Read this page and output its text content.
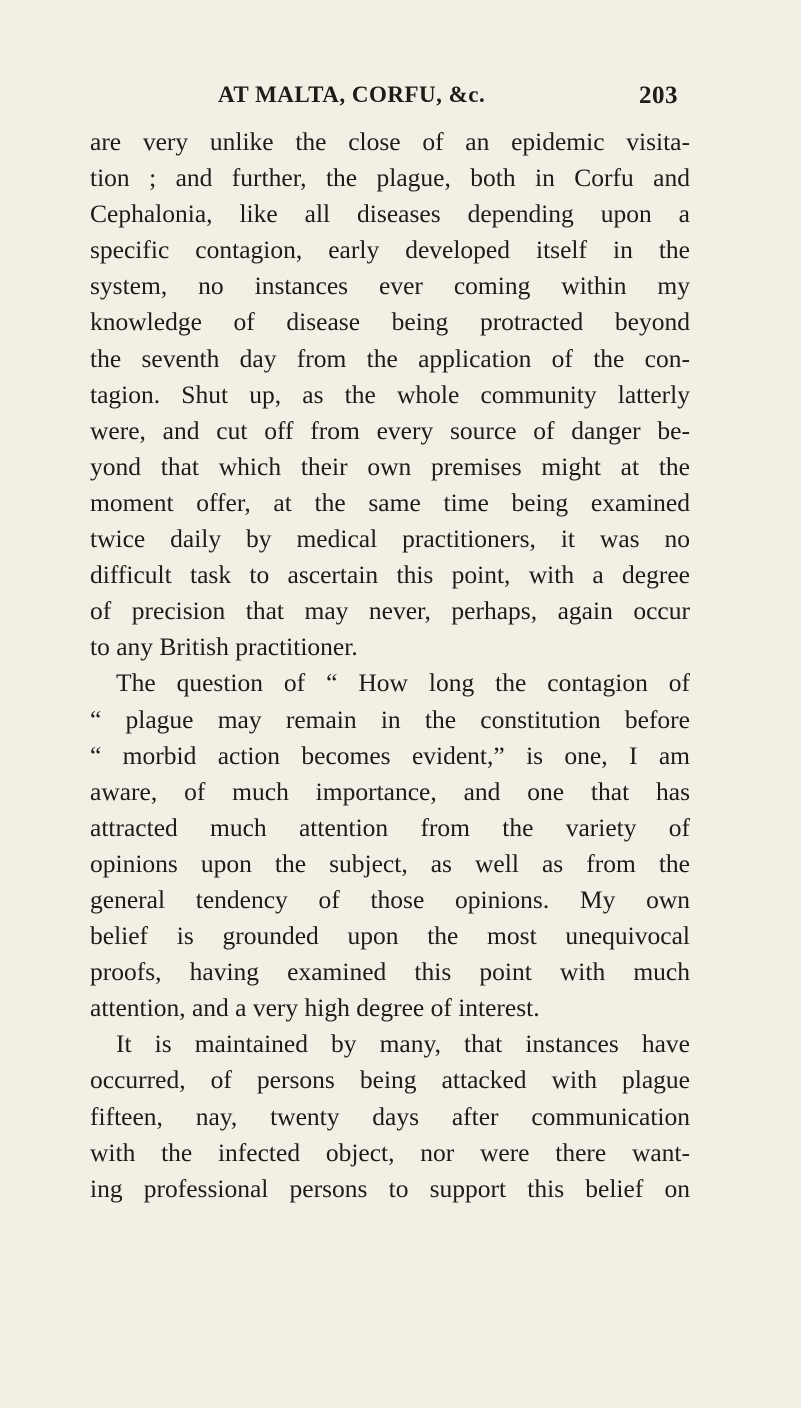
AT MALTA, CORFU, &c.	203
are very unlike the close of an epidemic visita-
tion ; and further, the plague, both in Corfu and
Cephalonia, like all diseases depending upon a
specific contagion, early developed itself in the
system, no instances ever coming within my
knowledge of disease being protracted beyond
the seventh day from the application of the con-
tagion. Shut up, as the whole community latterly
were, and cut off from every source of danger be-
yond that which their own premises might at the
moment offer, at the same time being examined
twice daily by medical practitioners, it was no
difficult task to ascertain this point, with a degree
of precision that may never, perhaps, again occur
to any British practitioner.
The question of “ How long the contagion of
“ plague may remain in the constitution before
“ morbid action becomes evident,” is one, I am
aware, of much importance, and one that has
attracted much attention from the variety of
opinions upon the subject, as well as from the
general tendency of those opinions. My own
belief is grounded upon the most unequivocal
proofs, having examined this point with much
attention, and a very high degree of interest.
It is maintained by many, that instances have
occurred, of persons being attacked with plague
fifteen, nay, twenty days after communication
with the infected object, nor were there want-
ing professional persons to support this belief on
